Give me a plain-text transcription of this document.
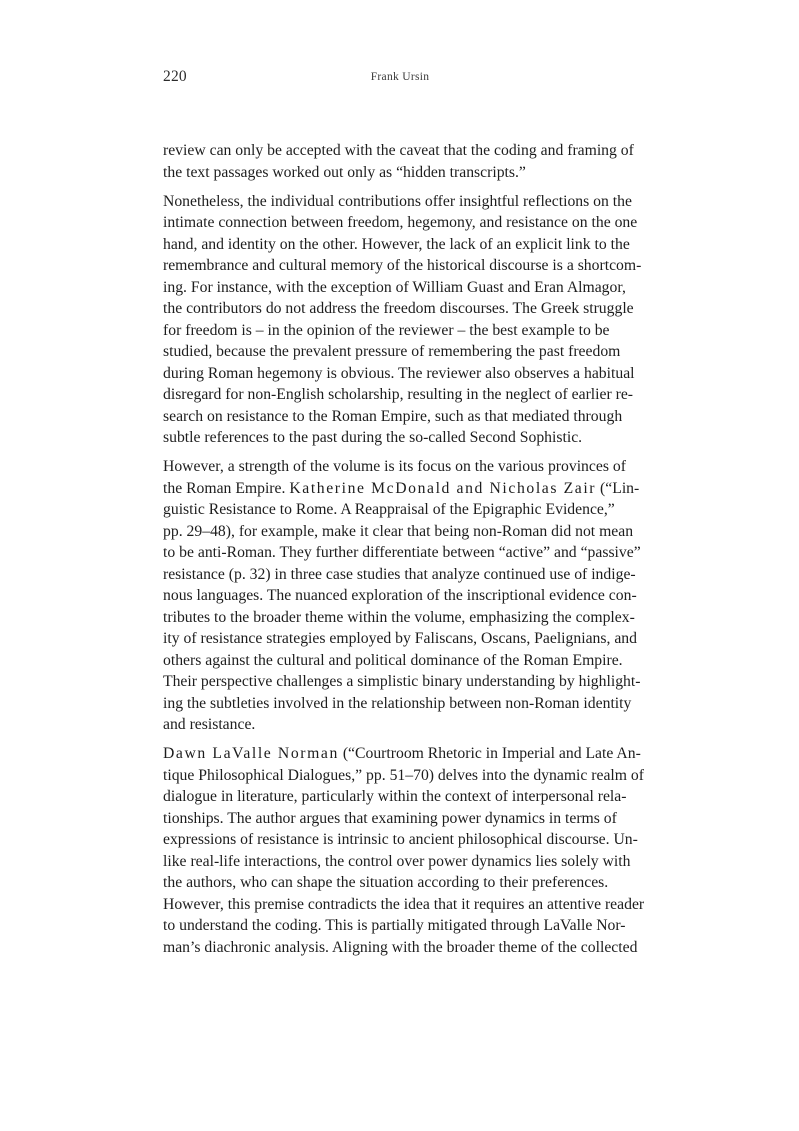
220	Frank Ursin

review can only be accepted with the caveat that the coding and framing of
the text passages worked out only as “hidden transcripts.”

Nonetheless, the individual contributions offer insightful reflections on the
intimate connection between freedom, hegemony, and resistance on the one
hand, and identity on the other. However, the lack of an explicit link to the
remembrance and cultural memory of the historical discourse is a shortcom-
ing. For instance, with the exception of William Guast and Eran Almagor,
the contributors do not address the freedom discourses. The Greek struggle
for freedom is – in the opinion of the reviewer – the best example to be
studied, because the prevalent pressure of remembering the past freedom
during Roman hegemony is obvious. The reviewer also observes a habitual
disregard for non-English scholarship, resulting in the neglect of earlier re-
search on resistance to the Roman Empire, such as that mediated through
subtle references to the past during the so-called Second Sophistic.

However, a strength of the volume is its focus on the various provinces of
the Roman Empire. Katherine McDonald and Nicholas Zair (“Lin-
guistic Resistance to Rome. A Reappraisal of the Epigraphic Evidence,”
pp. 29–48), for example, make it clear that being non-Roman did not mean
to be anti-Roman. They further differentiate between “active” and “passive”
resistance (p. 32) in three case studies that analyze continued use of indige-
nous languages. The nuanced exploration of the inscriptional evidence con-
tributes to the broader theme within the volume, emphasizing the complex-
ity of resistance strategies employed by Faliscans, Oscans, Paelignians, and
others against the cultural and political dominance of the Roman Empire.
Their perspective challenges a simplistic binary understanding by highlight-
ing the subtleties involved in the relationship between non-Roman identity
and resistance.

Dawn LaValle Norman (“Courtroom Rhetoric in Imperial and Late An-
tique Philosophical Dialogues,” pp. 51–70) delves into the dynamic realm of
dialogue in literature, particularly within the context of interpersonal rela-
tionships. The author argues that examining power dynamics in terms of
expressions of resistance is intrinsic to ancient philosophical discourse. Un-
like real-life interactions, the control over power dynamics lies solely with
the authors, who can shape the situation according to their preferences.
However, this premise contradicts the idea that it requires an attentive reader
to understand the coding. This is partially mitigated through LaValle Nor-
man’s diachronic analysis. Aligning with the broader theme of the collected
